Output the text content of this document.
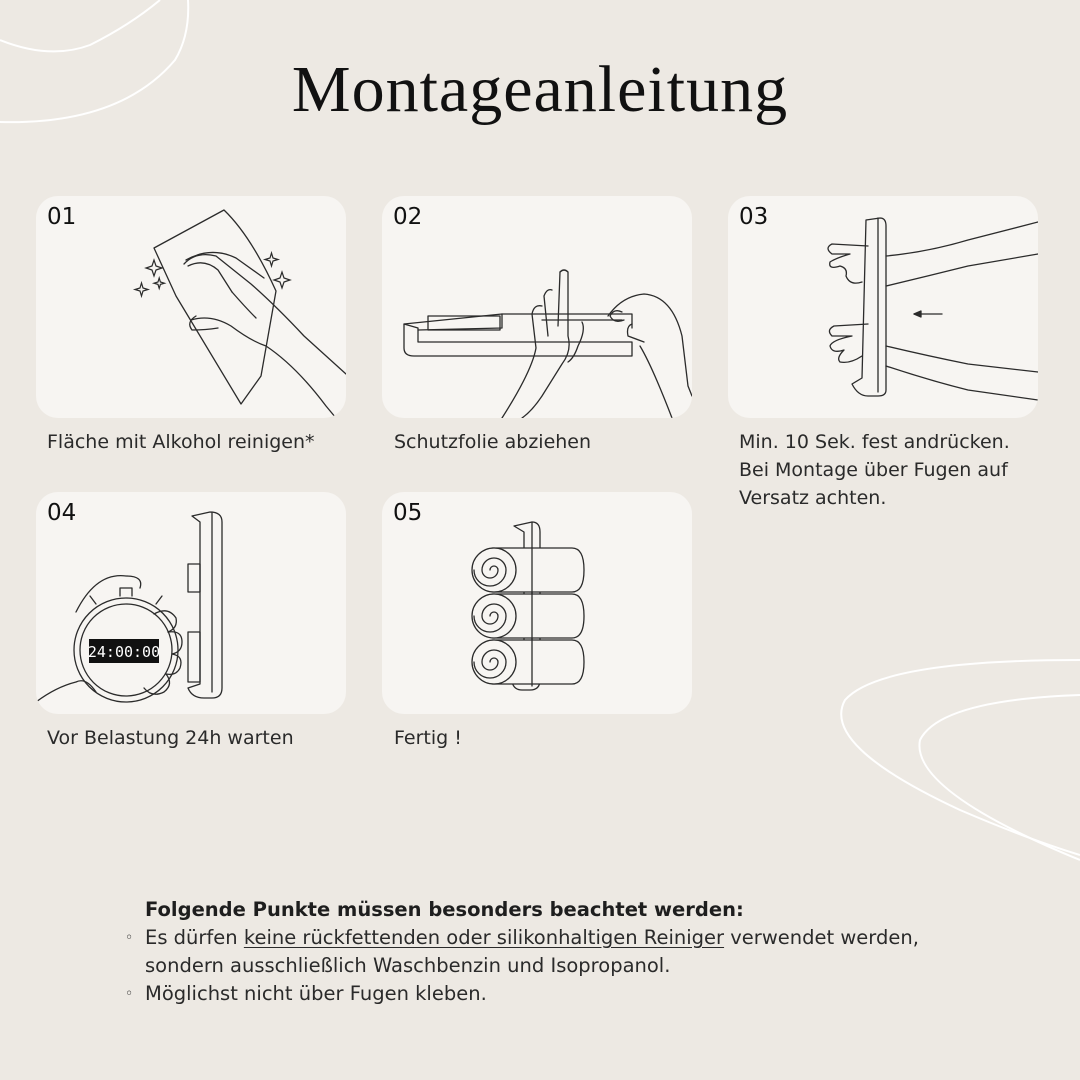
Montageanleitung
01
Fläche mit Alkohol reinigen*
02
Schutzfolie abziehen
03
Min. 10 Sek. fest andrücken.
Bei Montage über Fugen auf
Versatz achten.
24:00:00
04
Vor Belastung 24h warten
05
Fertig !
Folgende Punkte müssen besonders beachtet werden:
◦ Es dürfen keine rückfettenden oder silikonhaltigen Reiniger verwendet werden, sondern ausschließlich Waschbenzin und Isopropanol.
◦ Möglichst nicht über Fugen kleben.
